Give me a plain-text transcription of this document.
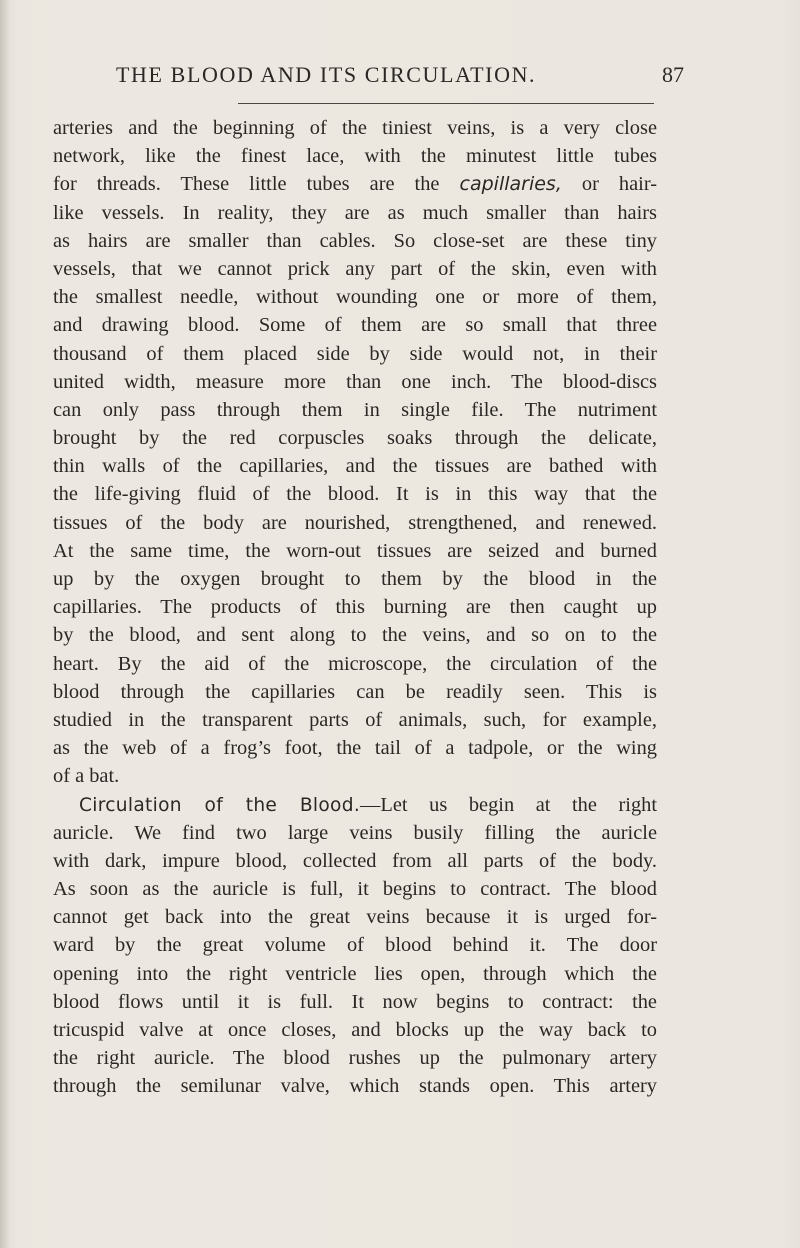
THE BLOOD AND ITS CIRCULATION.	87
arteries and the beginning of the tiniest veins, is a very close
network, like the finest lace, with the minutest little tubes
for threads. These little tubes are the capillaries, or hair-
like vessels. In reality, they are as much smaller than hairs
as hairs are smaller than cables. So close-set are these tiny
vessels, that we cannot prick any part of the skin, even with
the smallest needle, without wounding one or more of them,
and drawing blood. Some of them are so small that three
thousand of them placed side by side would not, in their
united width, measure more than one inch. The blood-discs
can only pass through them in single file. The nutriment
brought by the red corpuscles soaks through the delicate,
thin walls of the capillaries, and the tissues are bathed with
the life-giving fluid of the blood. It is in this way that the
tissues of the body are nourished, strengthened, and renewed.
At the same time, the worn-out tissues are seized and burned
up by the oxygen brought to them by the blood in the
capillaries. The products of this burning are then caught up
by the blood, and sent along to the veins, and so on to the
heart. By the aid of the microscope, the circulation of the
blood through the capillaries can be readily seen. This is
studied in the transparent parts of animals, such, for example,
as the web of a frog’s foot, the tail of a tadpole, or the wing
of a bat.
Circulation of the Blood.—Let us begin at the right
auricle. We find two large veins busily filling the auricle
with dark, impure blood, collected from all parts of the body.
As soon as the auricle is full, it begins to contract. The blood
cannot get back into the great veins because it is urged for-
ward by the great volume of blood behind it. The door
opening into the right ventricle lies open, through which the
blood flows until it is full. It now begins to contract: the
tricuspid valve at once closes, and blocks up the way back to
the right auricle. The blood rushes up the pulmonary artery
through the semilunar valve, which stands open. This artery
